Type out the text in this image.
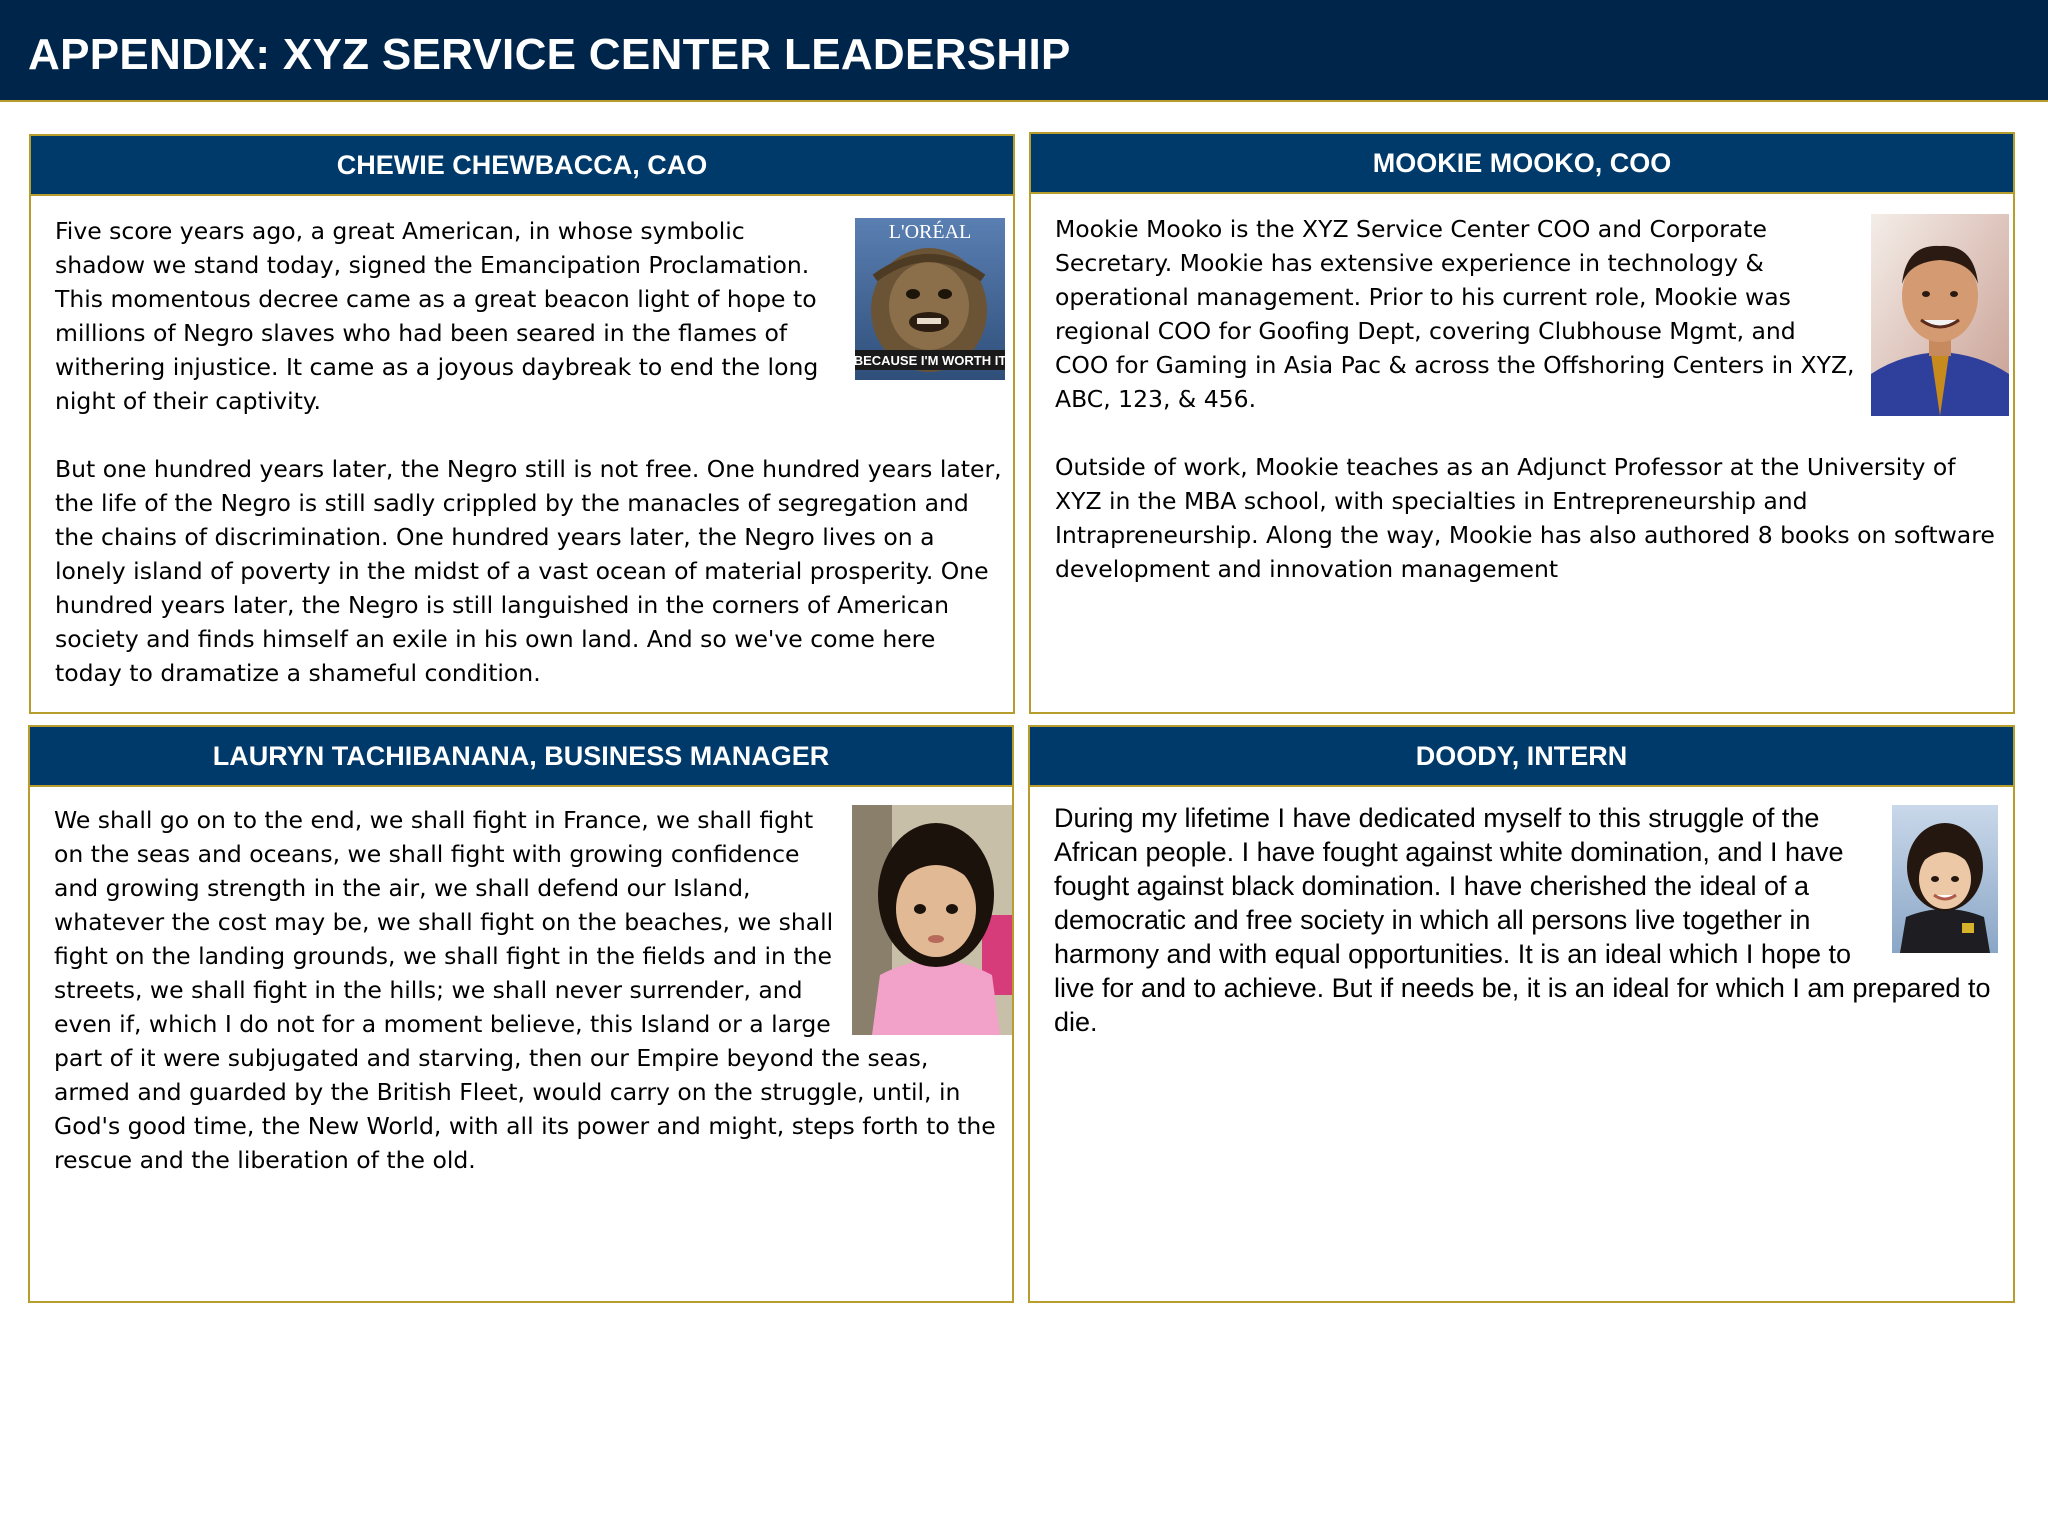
APPENDIX: XYZ SERVICE CENTER LEADERSHIP
CHEWIE CHEWBACCA, CAO
L'ORÉAL
BECAUSE I'M WORTH IT

Five score years ago, a great American, in whose symbolic shadow we stand today, signed the Emancipation Proclamation. This momentous decree came as a great beacon light of hope to millions of Negro slaves who had been seared in the flames of withering injustice. It came as a joyous daybreak to end the long night of their captivity.

But one hundred years later, the Negro still is not free. One hundred years later, the life of the Negro is still sadly crippled by the manacles of segregation and the chains of discrimination. One hundred years later, the Negro lives on a lonely island of poverty in the midst of a vast ocean of material prosperity. One hundred years later, the Negro is still languished in the corners of American society and finds himself an exile in his own land. And so we've come here today to dramatize a shameful condition.

MOOKIE MOOKO, COO

Mookie Mooko is the XYZ Service Center COO and Corporate Secretary. Mookie has extensive experience in technology & operational management. Prior to his current role, Mookie was regional COO for Goofing Dept, covering Clubhouse Mgmt, and COO for Gaming in Asia Pac & across the Offshoring Centers in XYZ, ABC, 123, & 456.

Outside of work, Mookie teaches as an Adjunct Professor at the University of XYZ in the MBA school, with specialties in Entrepreneurship and Intrapreneurship. Along the way, Mookie has also authored 8 books on software development and innovation management

LAURYN TACHIBANANA, BUSINESS MANAGER

We shall go on to the end, we shall fight in France, we shall fight on the seas and oceans, we shall fight with growing confidence and growing strength in the air, we shall defend our Island, whatever the cost may be, we shall fight on the beaches, we shall fight on the landing grounds, we shall fight in the fields and in the streets, we shall fight in the hills; we shall never surrender, and even if, which I do not for a moment believe, this Island or a large part of it were subjugated and starving, then our Empire beyond the seas, armed and guarded by the British Fleet, would carry on the struggle, until, in God's good time, the New World, with all its power and might, steps forth to the rescue and the liberation of the old.

DOODY, INTERN

During my lifetime I have dedicated myself to this struggle of the African people. I have fought against white domination, and I have fought against black domination. I have cherished the ideal of a democratic and free society in which all persons live together in harmony and with equal opportunities. It is an ideal which I hope to live for and to achieve. But if needs be, it is an ideal for which I am prepared to die.
